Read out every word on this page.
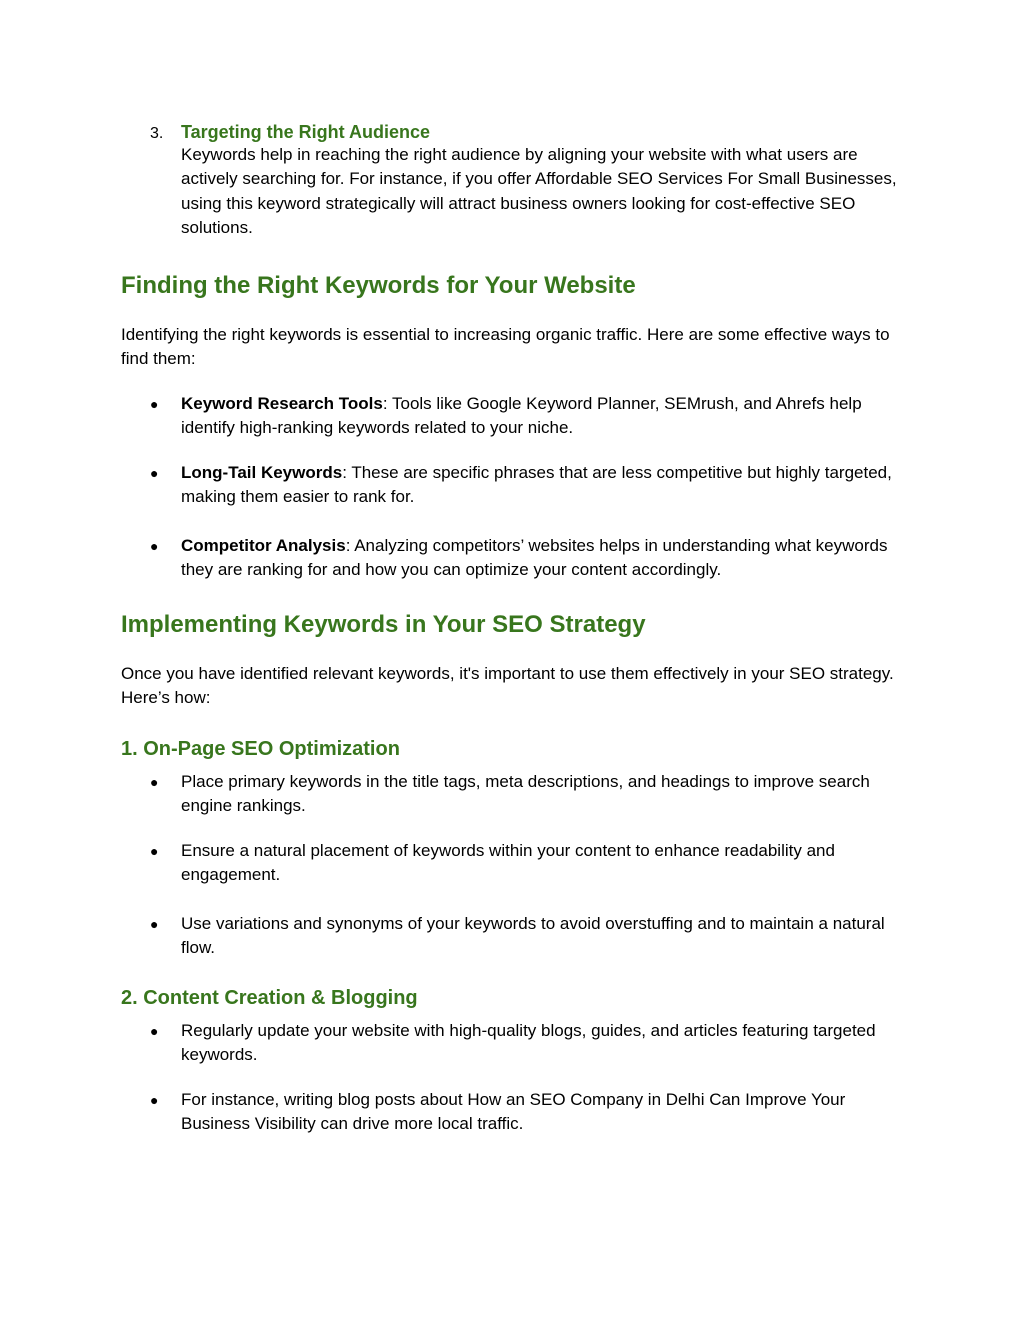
3. Targeting the Right Audience
Keywords help in reaching the right audience by aligning your website with what users are actively searching for. For instance, if you offer Affordable SEO Services For Small Businesses, using this keyword strategically will attract business owners looking for cost-effective SEO solutions.
Finding the Right Keywords for Your Website
Identifying the right keywords is essential to increasing organic traffic. Here are some effective ways to find them:
● Keyword Research Tools: Tools like Google Keyword Planner, SEMrush, and Ahrefs help identify high-ranking keywords related to your niche.
● Long-Tail Keywords: These are specific phrases that are less competitive but highly targeted, making them easier to rank for.
● Competitor Analysis: Analyzing competitors’ websites helps in understanding what keywords they are ranking for and how you can optimize your content accordingly.
Implementing Keywords in Your SEO Strategy
Once you have identified relevant keywords, it's important to use them effectively in your SEO strategy. Here’s how:
1. On-Page SEO Optimization
● Place primary keywords in the title tags, meta descriptions, and headings to improve search engine rankings.
● Ensure a natural placement of keywords within your content to enhance readability and engagement.
● Use variations and synonyms of your keywords to avoid overstuffing and to maintain a natural flow.
2. Content Creation & Blogging
● Regularly update your website with high-quality blogs, guides, and articles featuring targeted keywords.
● For instance, writing blog posts about How an SEO Company in Delhi Can Improve Your Business Visibility can drive more local traffic.
